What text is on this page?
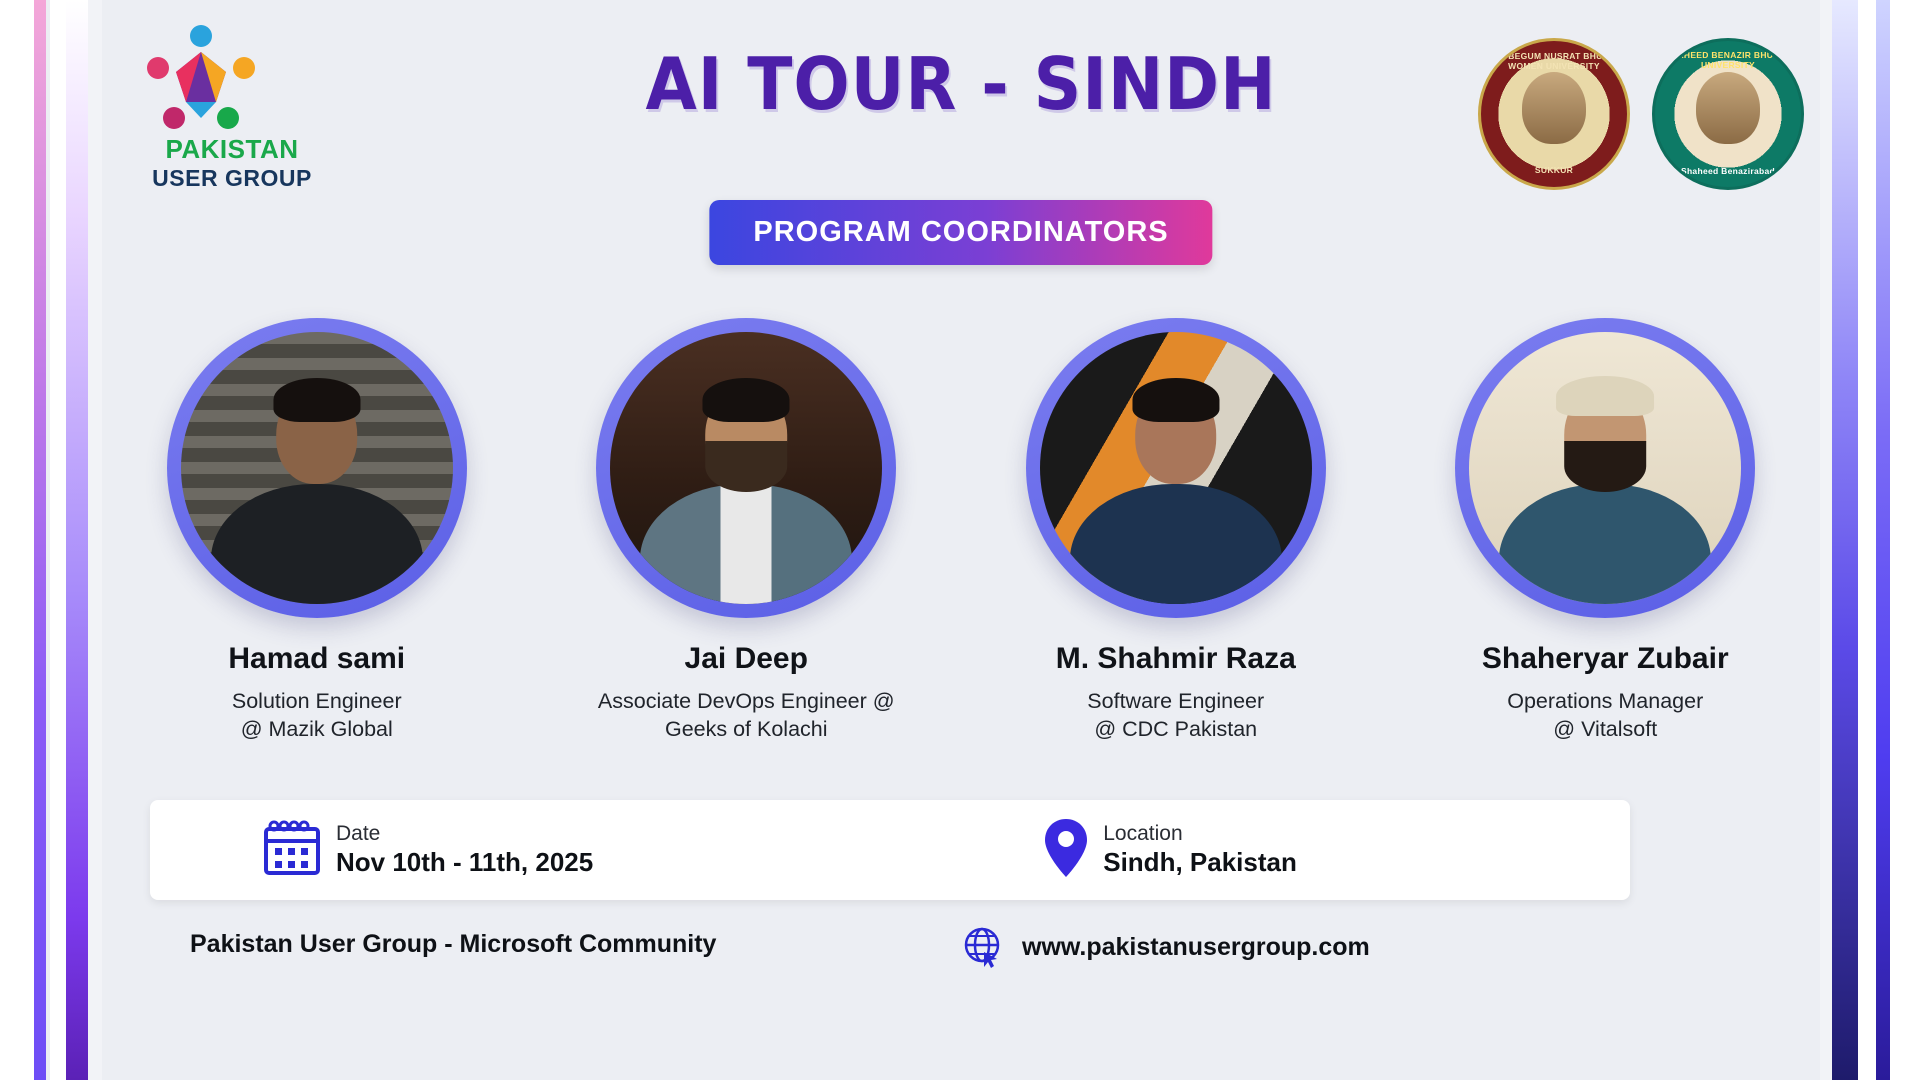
PAKISTAN
USER GROUP
AI TOUR - SINDH
PROGRAM COORDINATORS
THE BEGUM NUSRAT BHUTTO WOMEN UNIVERSITY
SUKKUR
SHAHEED BENAZIR BHUTTO UNIVERSITY
Shaheed Benazirabad
Hamad sami
Solution Engineer
@ Mazik Global
Jai Deep
Associate DevOps Engineer @
Geeks of Kolachi
M. Shahmir Raza
Software Engineer
@ CDC Pakistan
Shaheryar Zubair
Operations Manager
@ Vitalsoft
Date
Nov 10th - 11th, 2025
Location
Sindh, Pakistan
Pakistan User Group - Microsoft Community	www.pakistanusergroup.com
